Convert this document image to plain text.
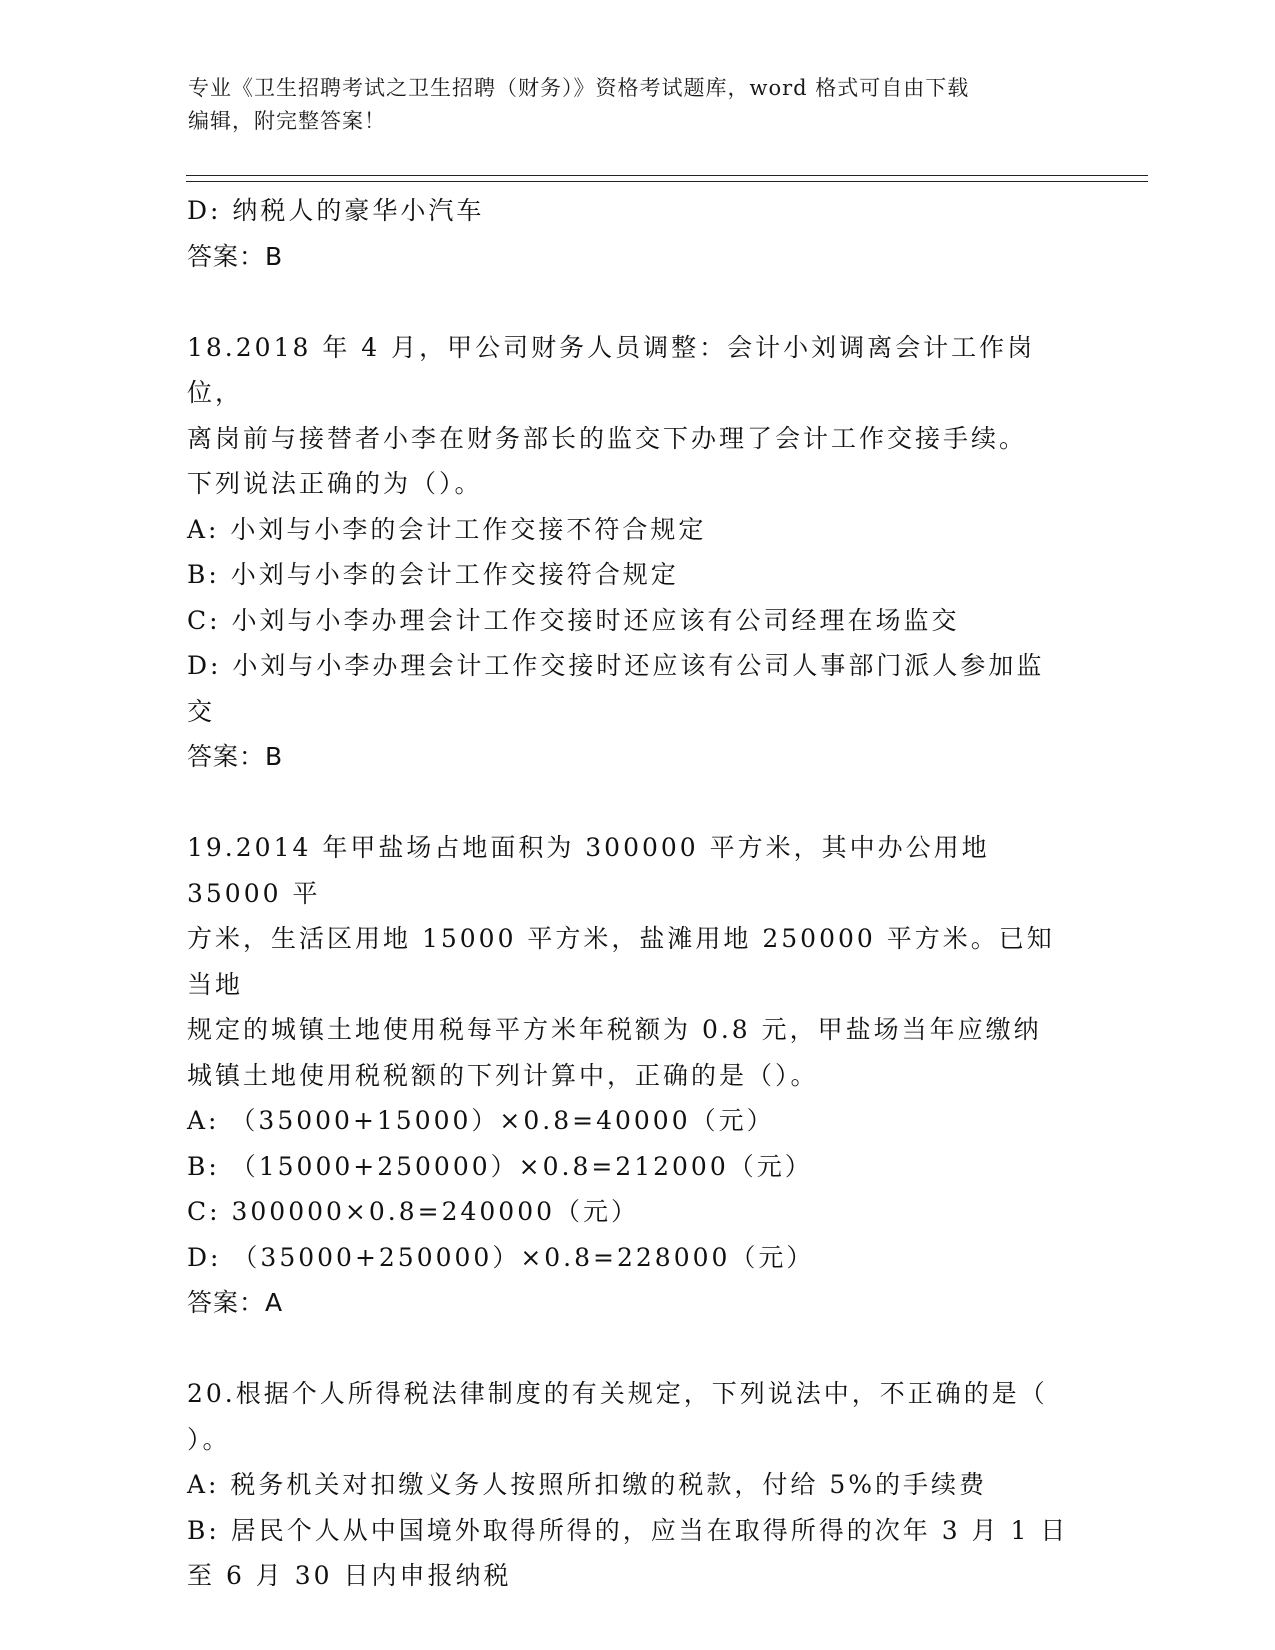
专业《卫生招聘考试之卫生招聘（财务）》资格考试题库，word 格式可自由下载
编辑，附完整答案！

D: 纳税人的豪华小汽车

答案：B

18.2018 年 4 月，甲公司财务人员调整：会计小刘调离会计工作岗位，

离岗前与接替者小李在财务部长的监交下办理了会计工作交接手续。

下列说法正确的为（）。

A: 小刘与小李的会计工作交接不符合规定

B: 小刘与小李的会计工作交接符合规定

C: 小刘与小李办理会计工作交接时还应该有公司经理在场监交

D: 小刘与小李办理会计工作交接时还应该有公司人事部门派人参加监

交

答案：B

19.2014 年甲盐场占地面积为 300000 平方米，其中办公用地 35000 平

方米，生活区用地 15000 平方米，盐滩用地 250000 平方米。已知当地

规定的城镇土地使用税每平方米年税额为 0.8 元，甲盐场当年应缴纳

城镇土地使用税税额的下列计算中，正确的是（）。

A: （35000+15000）×0.8=40000（元）

B: （15000+250000）×0.8=212000（元）

C: 300000×0.8=240000（元）

D: （35000+250000）×0.8=228000（元）

答案：A

20.根据个人所得税法律制度的有关规定，下列说法中，不正确的是（

）。

A: 税务机关对扣缴义务人按照所扣缴的税款，付给 5%的手续费

B: 居民个人从中国境外取得所得的，应当在取得所得的次年 3 月 1 日

至 6 月 30 日内申报纳税
